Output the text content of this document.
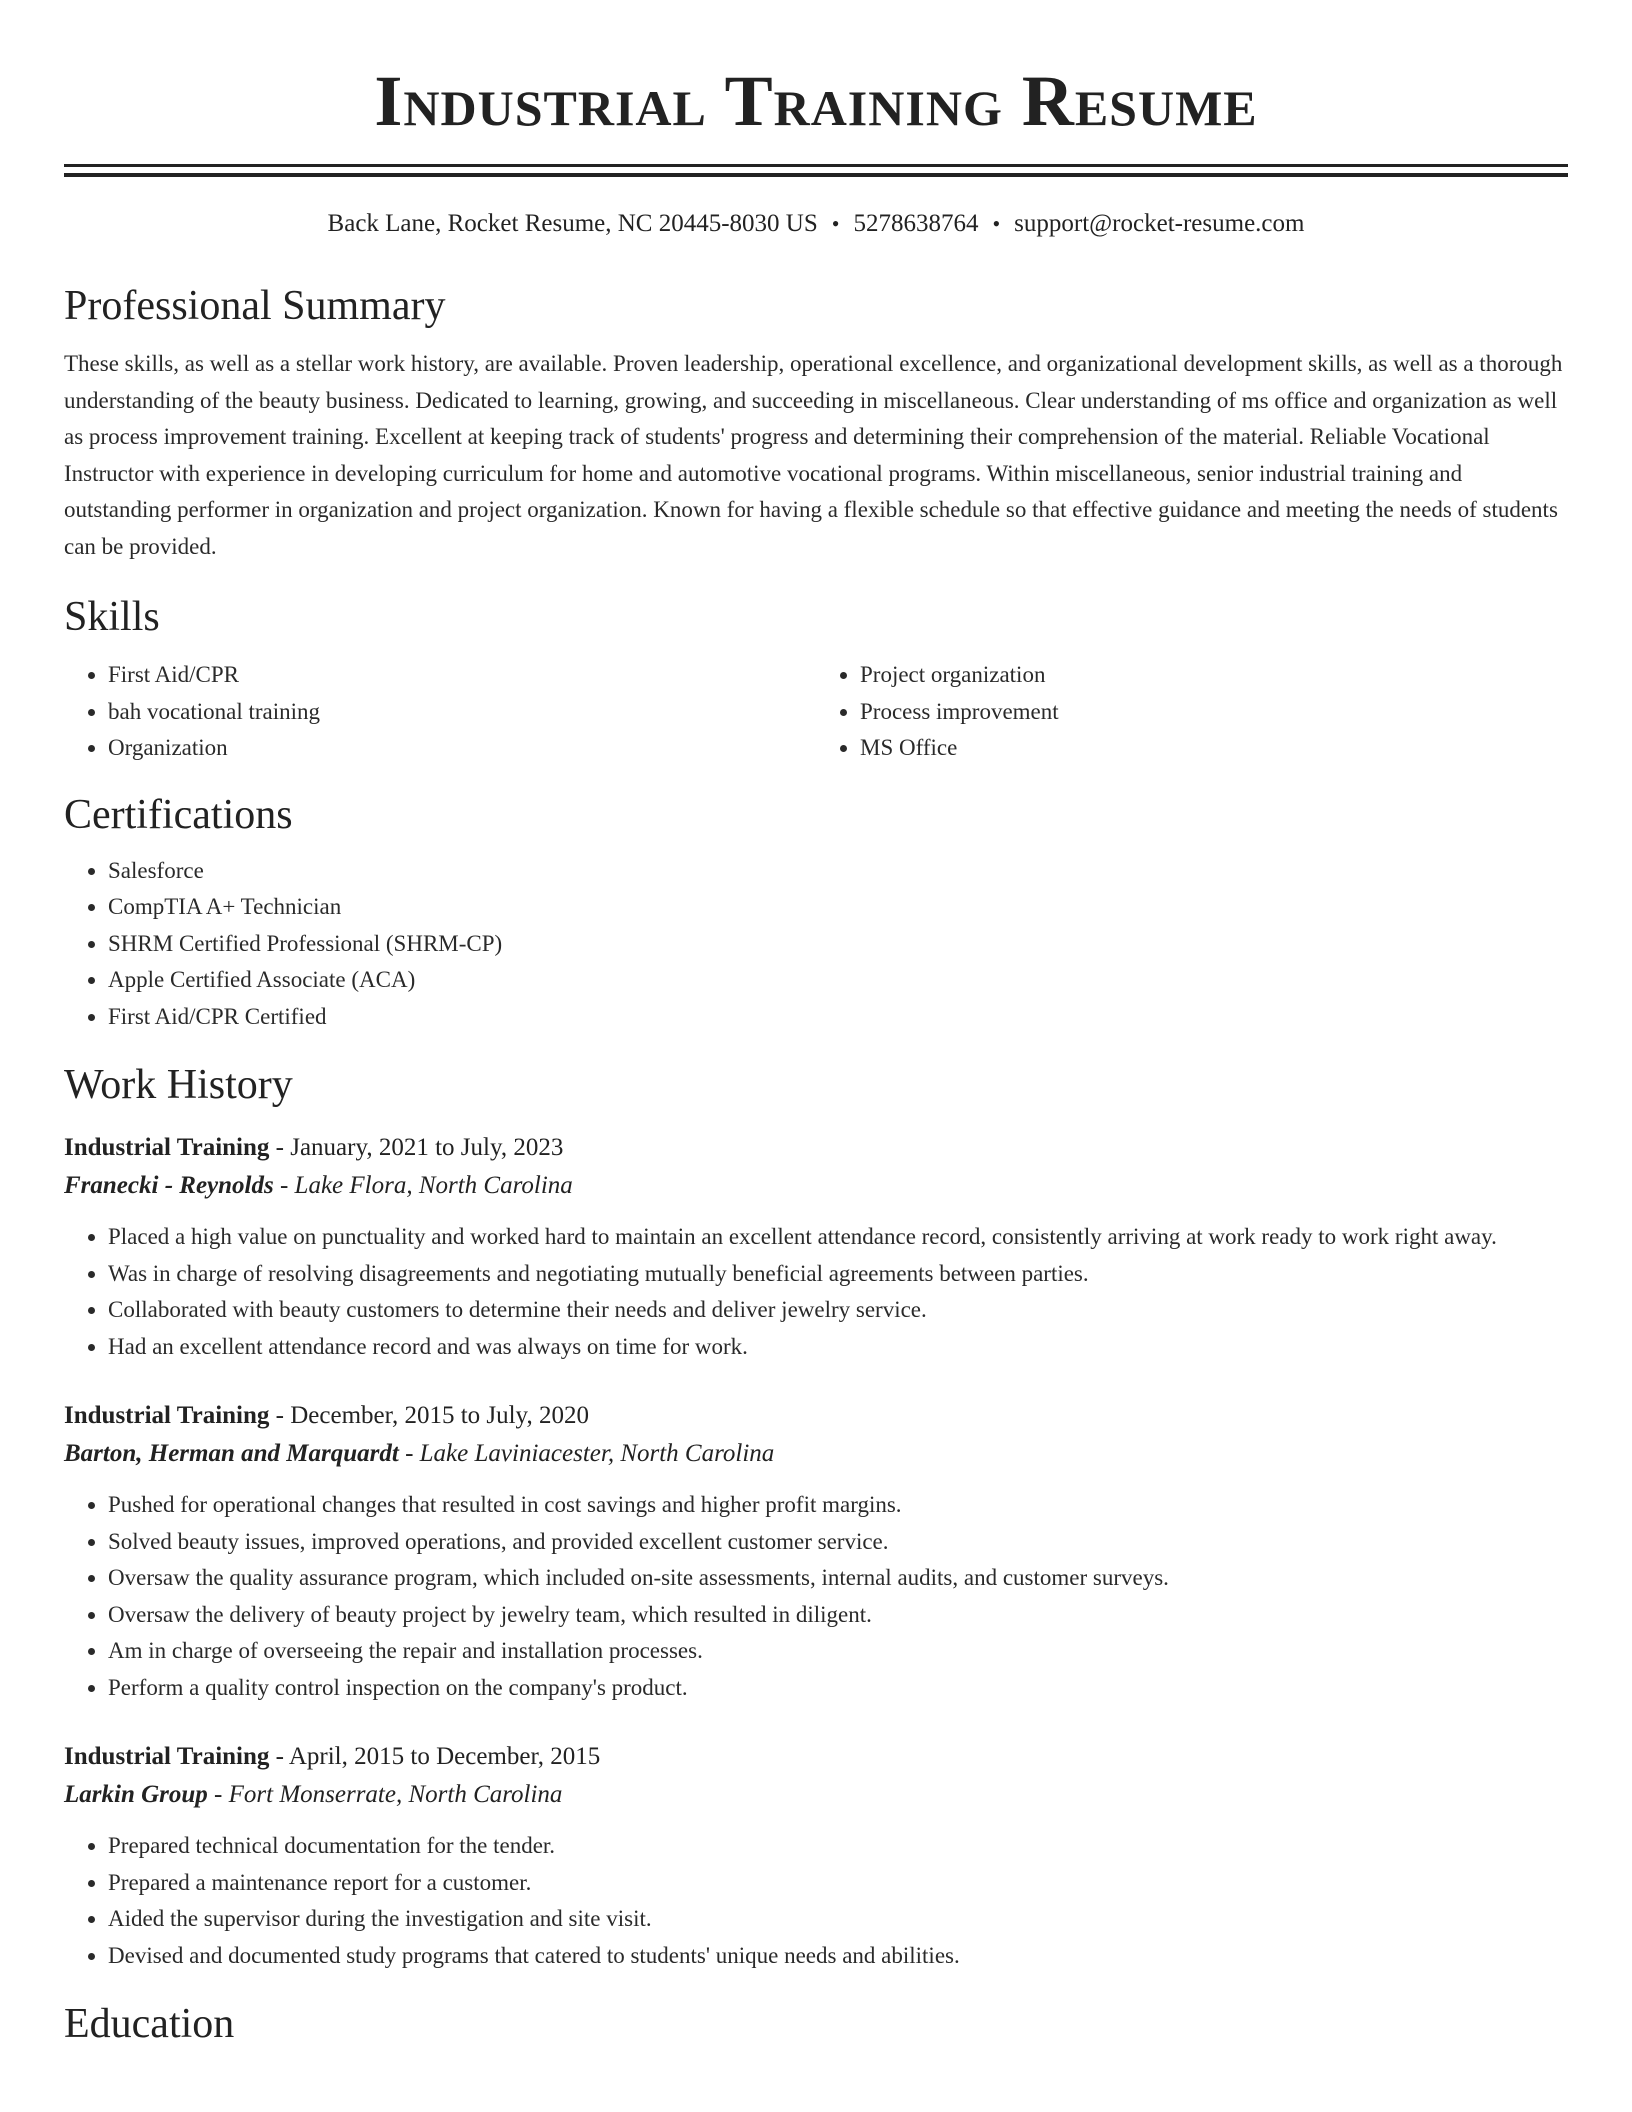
Industrial Training Resume
Back Lane, Rocket Resume, NC 20445-8030 US • 5278638764 • support@rocket-resume.com
Professional Summary
These skills, as well as a stellar work history, are available. Proven leadership, operational excellence, and organizational development skills, as well as a thorough understanding of the beauty business. Dedicated to learning, growing, and succeeding in miscellaneous. Clear understanding of ms office and organization as well as process improvement training. Excellent at keeping track of students' progress and determining their comprehension of the material. Reliable Vocational Instructor with experience in developing curriculum for home and automotive vocational programs. Within miscellaneous, senior industrial training and outstanding performer in organization and project organization. Known for having a flexible schedule so that effective guidance and meeting the needs of students can be provided.
Skills
• First Aid/CPR
• bah vocational training
• Organization
• Project organization
• Process improvement
• MS Office
Certifications
• Salesforce
• CompTIA A+ Technician
• SHRM Certified Professional (SHRM-CP)
• Apple Certified Associate (ACA)
• First Aid/CPR Certified
Work History
Industrial Training - January, 2021 to July, 2023
Franecki - Reynolds - Lake Flora, North Carolina
• Placed a high value on punctuality and worked hard to maintain an excellent attendance record, consistently arriving at work ready to work right away.
• Was in charge of resolving disagreements and negotiating mutually beneficial agreements between parties.
• Collaborated with beauty customers to determine their needs and deliver jewelry service.
• Had an excellent attendance record and was always on time for work.
Industrial Training - December, 2015 to July, 2020
Barton, Herman and Marquardt - Lake Laviniacester, North Carolina
• Pushed for operational changes that resulted in cost savings and higher profit margins.
• Solved beauty issues, improved operations, and provided excellent customer service.
• Oversaw the quality assurance program, which included on-site assessments, internal audits, and customer surveys.
• Oversaw the delivery of beauty project by jewelry team, which resulted in diligent.
• Am in charge of overseeing the repair and installation processes.
• Perform a quality control inspection on the company's product.
Industrial Training - April, 2015 to December, 2015
Larkin Group - Fort Monserrate, North Carolina
• Prepared technical documentation for the tender.
• Prepared a maintenance report for a customer.
• Aided the supervisor during the investigation and site visit.
• Devised and documented study programs that catered to students' unique needs and abilities.
Education
